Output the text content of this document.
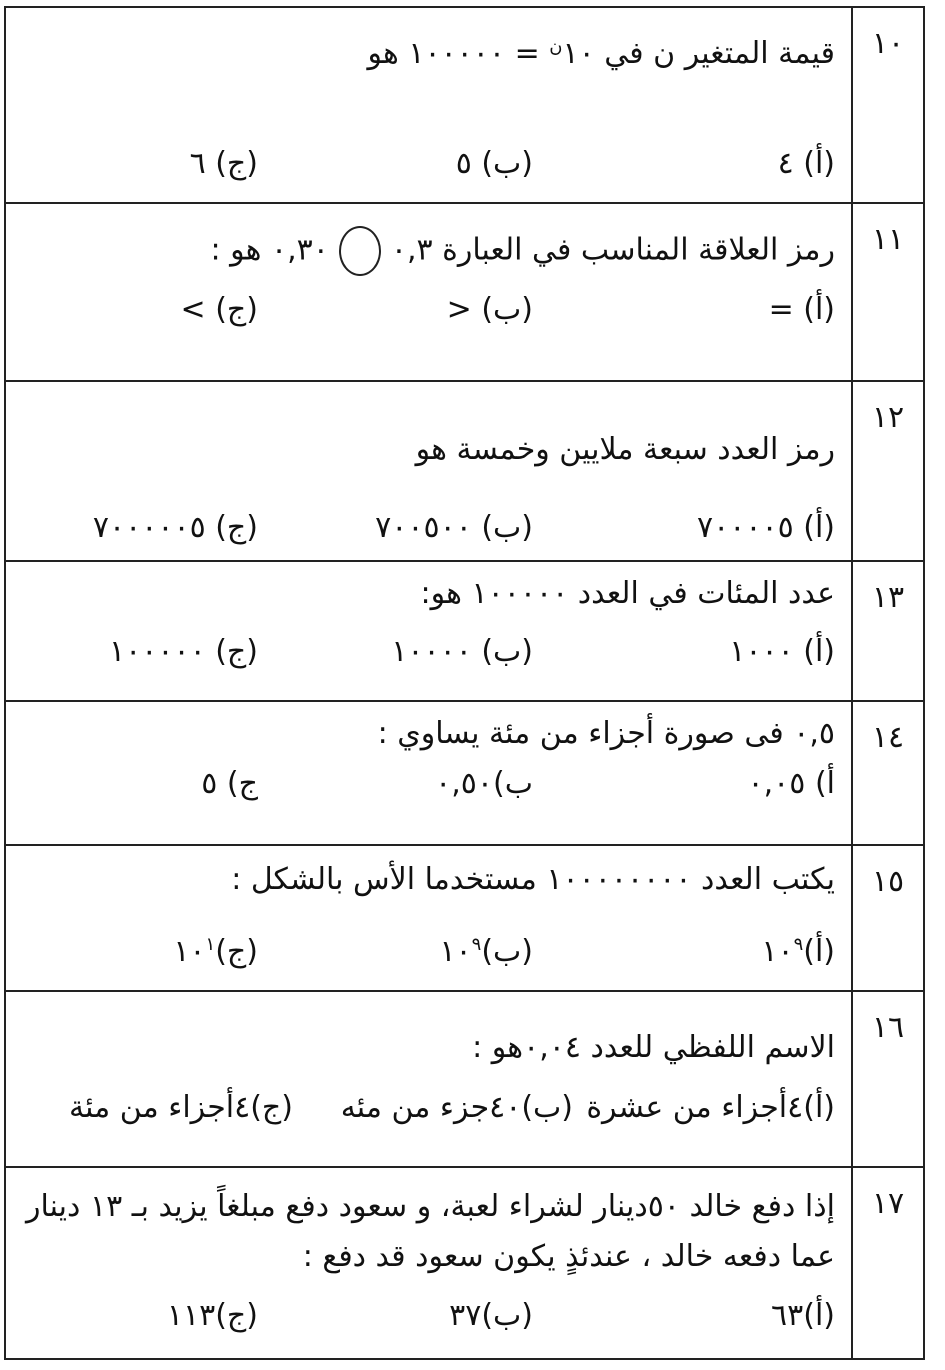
١٠
قيمة المتغير ن في $١٠^ن$ = ١٠٠٠٠٠ هو
(أ) ٤
(ب) ٥
(ج) ٦
١١
رمز العلاقة المناسب في العبارة ٠,٣٠,٣٠ هو :
(أ) =
(ب) <
(ج) >
١٢
رمز العدد سبعة ملايين وخمسة هو
(أ) ٧٠٠٠٠٥
(ب) ٧٠٠٥٠٠
(ج) ٧٠٠٠٠٠٥
١٣
عدد المئات في العدد ١٠٠٠٠٠ هو:
(أ) ١٠٠٠
(ب) ١٠٠٠٠
(ج) ١٠٠٠٠٠
١٤
٠,٥ فى صورة أجزاء من مئة يساوي :
أ) ٠,٠٥
ب)٠,٥٠
ج) ٥
١٥
يكتب العدد ١٠٠٠٠٠٠٠٠ مستخدما الأس بالشكل :
$(أ)١٠^٩$
$(ب)١٠^٩$
$(ج)١٠^١$
١٦
الاسم اللفظي للعدد ٠,٠٤هو :
(أ)٤أجزاء من عشرة
(ب)٤٠جزء من مئه
(ج)٤أجزاء من مئة
١٧
إذا دفع خالد ٥٠دينار لشراء لعبة، و سعود دفع مبلغاً يزيد بـ ١٣ دينار عما دفعه خالد ، عندئذٍ يكون سعود قد دفع :
(أ)٦٣
(ب)٣٧
(ج)١١٣
